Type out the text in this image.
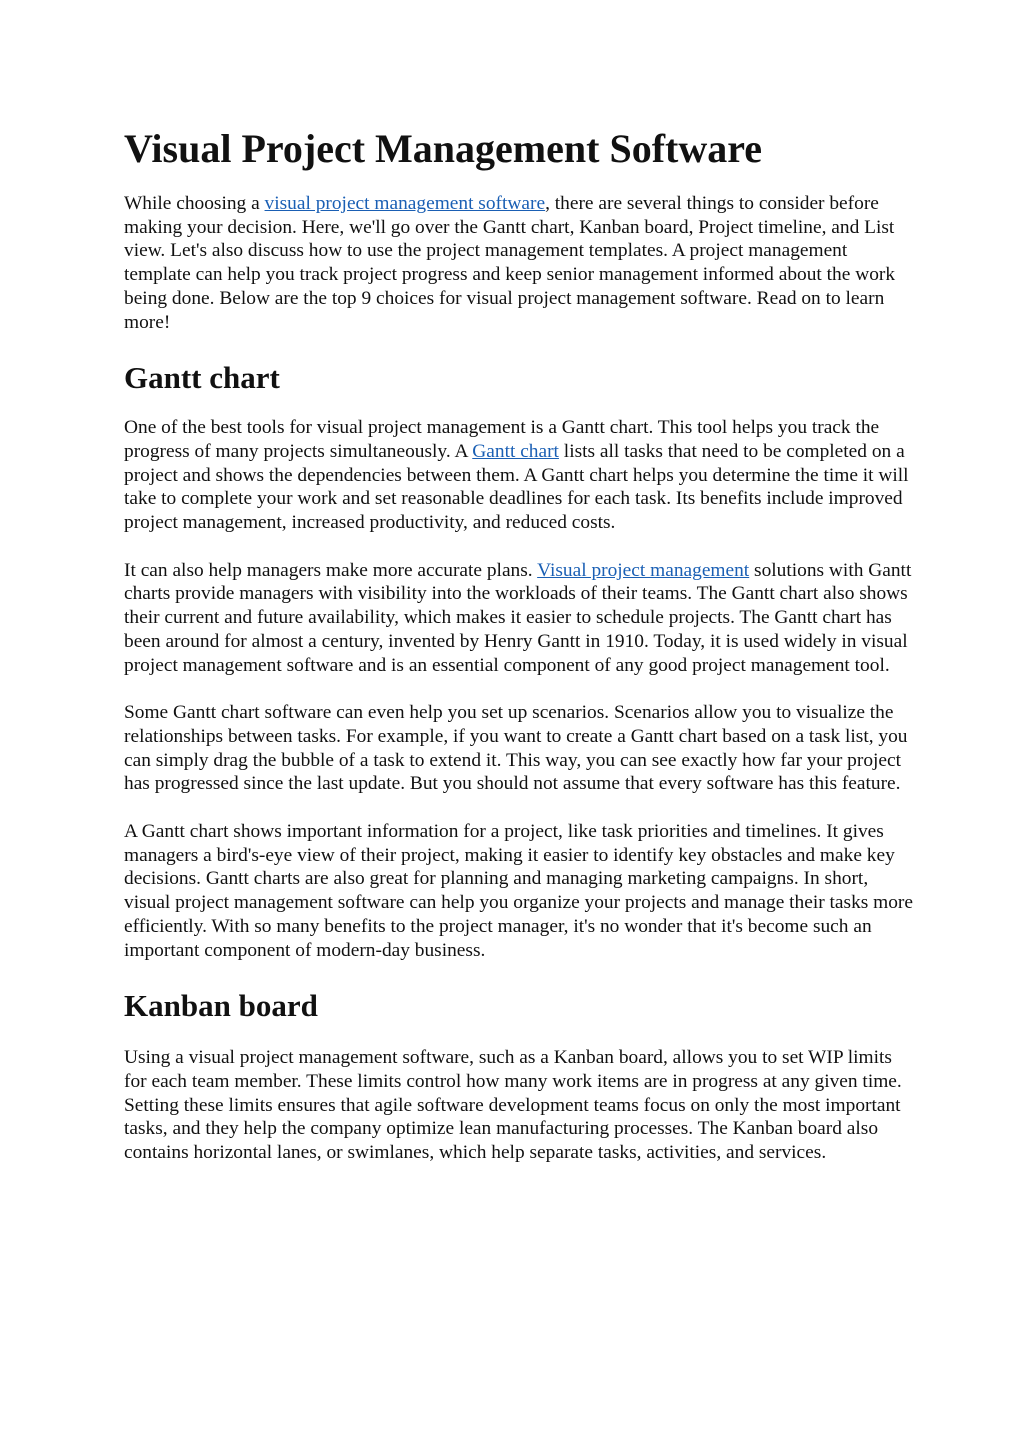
Visual Project Management Software

While choosing a visual project management software, there are several things to consider before making your decision. Here, we'll go over the Gantt chart, Kanban board, Project timeline, and List view. Let's also discuss how to use the project management templates. A project management template can help you track project progress and keep senior management informed about the work being done. Below are the top 9 choices for visual project management software. Read on to learn more!

Gantt chart

One of the best tools for visual project management is a Gantt chart. This tool helps you track the progress of many projects simultaneously. A Gantt chart lists all tasks that need to be completed on a project and shows the dependencies between them. A Gantt chart helps you determine the time it will take to complete your work and set reasonable deadlines for each task. Its benefits include improved project management, increased productivity, and reduced costs.

It can also help managers make more accurate plans. Visual project management solutions with Gantt charts provide managers with visibility into the workloads of their teams. The Gantt chart also shows their current and future availability, which makes it easier to schedule projects. The Gantt chart has been around for almost a century, invented by Henry Gantt in 1910. Today, it is used widely in visual project management software and is an essential component of any good project management tool.

Some Gantt chart software can even help you set up scenarios. Scenarios allow you to visualize the relationships between tasks. For example, if you want to create a Gantt chart based on a task list, you can simply drag the bubble of a task to extend it. This way, you can see exactly how far your project has progressed since the last update. But you should not assume that every software has this feature.

A Gantt chart shows important information for a project, like task priorities and timelines. It gives managers a bird's-eye view of their project, making it easier to identify key obstacles and make key decisions. Gantt charts are also great for planning and managing marketing campaigns. In short, visual project management software can help you organize your projects and manage their tasks more efficiently. With so many benefits to the project manager, it's no wonder that it's become such an important component of modern-day business.

Kanban board

Using a visual project management software, such as a Kanban board, allows you to set WIP limits for each team member. These limits control how many work items are in progress at any given time. Setting these limits ensures that agile software development teams focus on only the most important tasks, and they help the company optimize lean manufacturing processes. The Kanban board also contains horizontal lanes, or swimlanes, which help separate tasks, activities, and services.
